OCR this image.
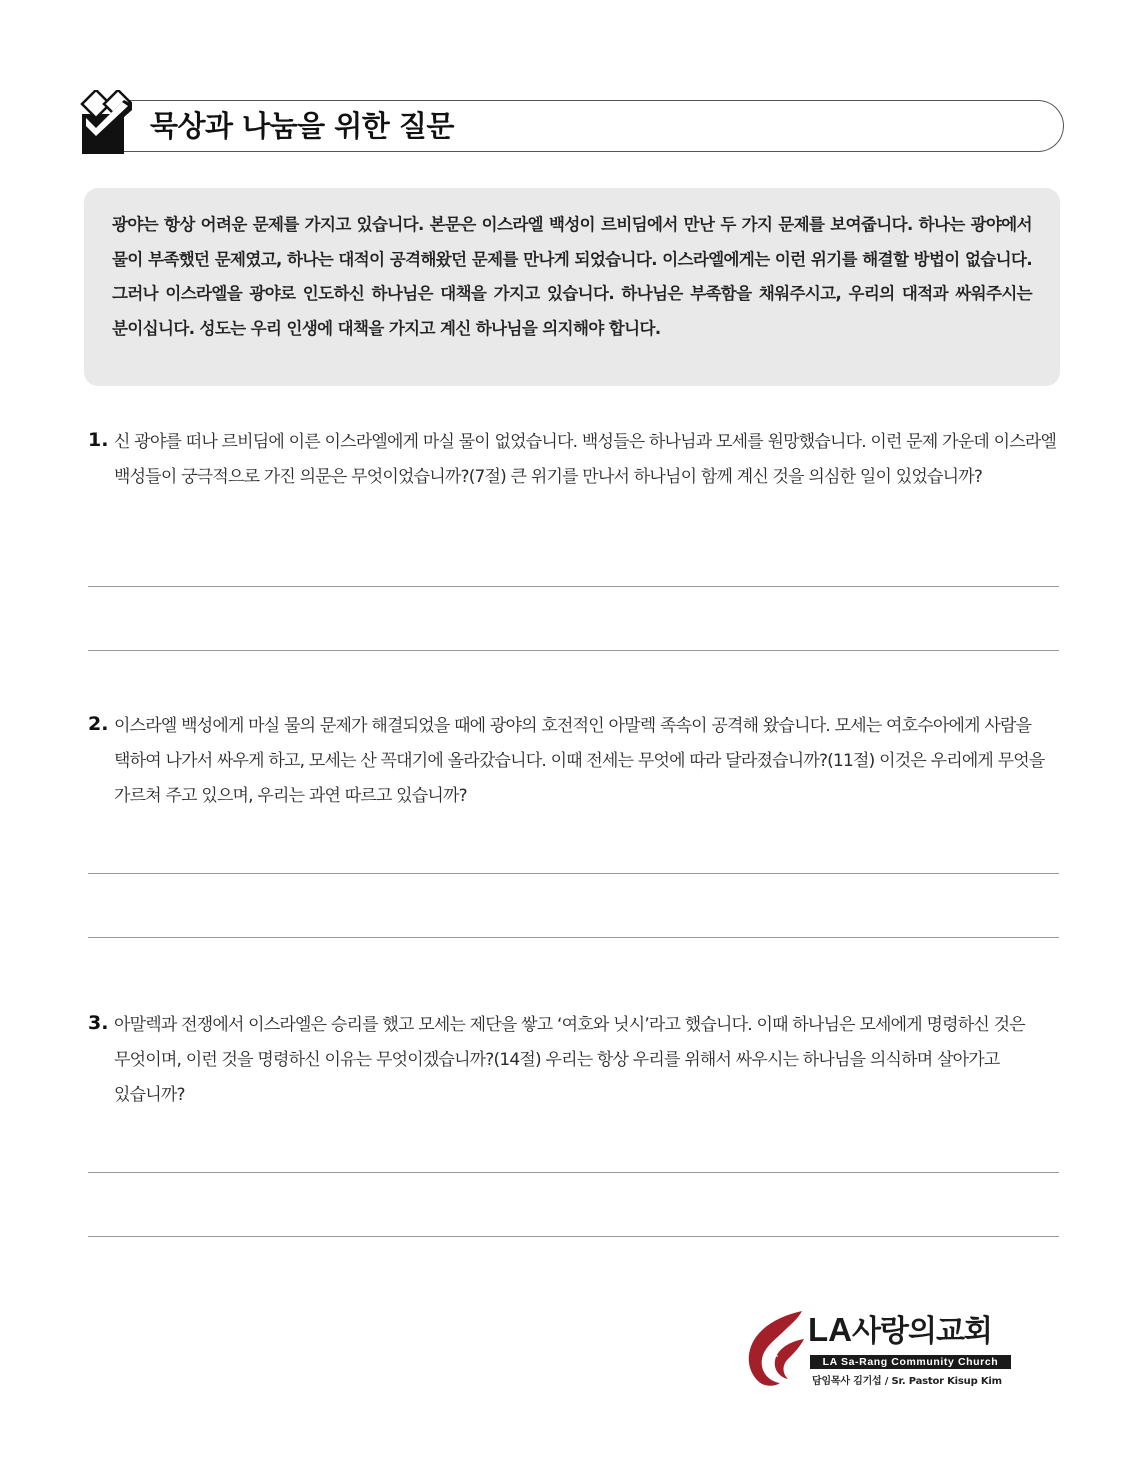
묵상과 나눔을 위한 질문

광야는 항상 어려운 문제를 가지고 있습니다. 본문은 이스라엘 백성이 르비딤에서 만난 두 가지 문제를 보여줍니다. 하나는 광야에서 물이 부족했던 문제였고, 하나는 대적이 공격해왔던 문제를 만나게 되었습니다. 이스라엘에게는 이런 위기를 해결할 방법이 없습니다. 그러나 이스라엘을 광야로 인도하신 하나님은 대책을 가지고 있습니다. 하나님은 부족함을 채워주시고, 우리의 대적과 싸워주시는 분이십니다. 성도는 우리 인생에 대책을 가지고 계신 하나님을 의지해야 합니다.

1. 신 광야를 떠나 르비딤에 이른 이스라엘에게 마실 물이 없었습니다. 백성들은 하나님과 모세를 원망했습니다. 이런 문제 가운데 이스라엘 백성들이 궁극적으로 가진 의문은 무엇이었습니까?(7절) 큰 위기를 만나서 하나님이 함께 계신 것을 의심한 일이 있었습니까?

2. 이스라엘 백성에게 마실 물의 문제가 해결되었을 때에 광야의 호전적인 아말렉 족속이 공격해 왔습니다. 모세는 여호수아에게 사람을 택하여 나가서 싸우게 하고, 모세는 산 꼭대기에 올라갔습니다. 이때 전세는 무엇에 따라 달라졌습니까?(11절) 이것은 우리에게 무엇을 가르쳐 주고 있으며, 우리는 과연 따르고 있습니까?

3. 아말렉과 전쟁에서 이스라엘은 승리를 했고 모세는 제단을 쌓고 ‘여호와 닛시’라고 했습니다. 이때 하나님은 모세에게 명령하신 것은 무엇이며, 이런 것을 명령하신 이유는 무엇이겠습니까?(14절) 우리는 항상 우리를 위해서 싸우시는 하나님을 의식하며 살아가고 있습니까?

LA사랑의교회
LA Sa-Rang Community Church
담임목사 김기섭 / Sr. Pastor Kisup Kim
